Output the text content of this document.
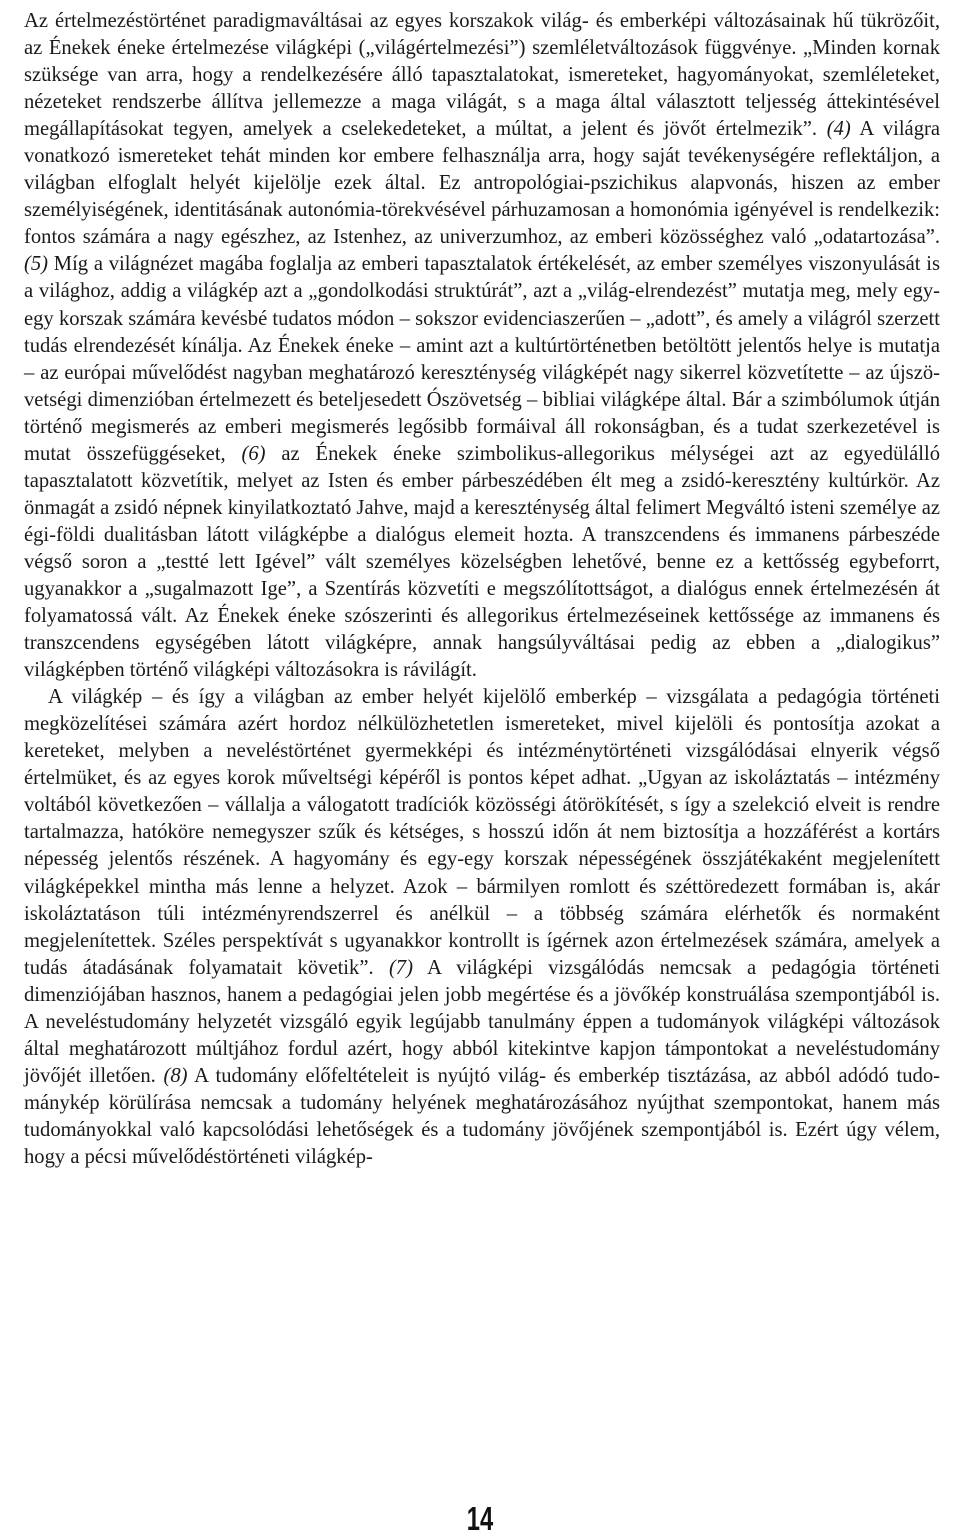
Az értelmezéstörténet paradigmaváltásai az egyes korszakok világ- és emberképi változásainak hű tükrözőit, az Énekek éneke értelmezése világképi („világértelmezési”) szemléletváltozások függvénye. „Minden kornak szüksége van arra, hogy a rendelkezésére álló tapasztalatokat, ismereteket, hagyományokat, szemléleteket, nézeteket rendszerbe állítva jellemezze a maga világát, s a maga által választott teljesség áttekintésével megállapításokat tegyen, amelyek a cselekedeteket, a múltat, a jelent és jövőt értelmezik”. (4) A világra vonatkozó ismereteket tehát minden kor embere felhasználja arra, hogy saját tevékenységére reflektáljon, a világban elfoglalt helyét kijelölje ezek által. Ez antropológiai-pszichikus alapvonás, hiszen az ember személyiségének, identitásának autonómia-törekvésével párhuzamosan a homonómia igényével is rendelkezik: fontos számára a nagy egészhez, az Istenhez, az univerzumhoz, az emberi közösséghez való „odatartozása”. (5) Míg a világnézet magába foglalja az emberi tapasztalatok értékelését, az ember személyes viszonyulását is a világhoz, addig a világkép azt a „gondolkodási struktúrát”, azt a „világ-elrendezést” mutatja meg, mely egy-egy korszak számára kevésbé tudatos módon – sokszor evidenciaszerűen – „adott”, és amely a világról szerzett tudás elrendezését kínálja. Az Énekek éneke – amint azt a kultúrtörténetben betöltött jelentős helye is mutatja – az európai művelődést nagyban meghatározó kereszténység világképét nagy sikerrel közvetítette – az újszövetségi dimenzióban értelmezett és beteljesedett Ószövetség – bibliai világképe által. Bár a szimbólumok útján történő megismerés az emberi megismerés legősibb formáival áll rokonságban, és a tudat szerkezetével is mutat összefüggéseket, (6) az Énekek éneke szimbolikus-allegorikus mélységei azt az egyedülálló tapasztalatott közvetítik, melyet az Isten és ember párbeszédében élt meg a zsidó-keresztény kultúrkör. Az önmagát a zsidó népnek kinyilatkoztató Jahve, majd a kereszténység által felimert Megváltó isteni személye az égi-földi dualitásban látott világképbe a dialógus elemeit hozta. A transzcendens és immanens párbeszéde végső soron a „testté lett Igével” vált személyes közelségben lehetővé, benne ez a kettősség egybeforrt, ugyanakkor a „sugalmazott Ige”, a Szentírás közvetíti e megszólítottságot, a dialógus ennek értelmezésén át folyamatossá vált. Az Énekek éneke szószerinti és allegorikus értelmezéseinek kettőssége az immanens és transzcendens egységében látott világképre, annak hangsúlyváltásai pedig az ebben a „dialogikus” világképben történő világképi változásokra is rávilágít.

A világkép – és így a világban az ember helyét kijelölő emberkép – vizsgálata a pedagógia történeti megközelítései számára azért hordoz nélkülözhetetlen ismereteket, mivel kijelöli és pontosítja azokat a kereteket, melyben a neveléstörténet gyermekképi és intézménytörténeti vizsgálódásai elnyerik végső értelmüket, és az egyes korok műveltségi képéről is pontos képet adhat. „Ugyan az iskoláztatás – intézmény voltából következően – vállalja a válogatott tradíciók közösségi átörökítését, s így a szelekció elveit is rendre tartalmazza, hatóköre nemegyszer szűk és kétséges, s hosszú időn át nem biztosítja a hozzáférést a kortárs népesség jelentős részének. A hagyomány és egy-egy korszak népességének összjátékaként megjelenített világképekkel mintha más lenne a helyzet. Azok – bármilyen romlott és széttöredezett formában is, akár iskoláztatáson túli intézményrendszerrel és anélkül – a többség számára elérhetők és normaként megjelenítettek. Széles perspektívát s ugyanakkor kontrollt is ígérnek azon értelmezések számára, amelyek a tudás átadásának folyamatait követik”. (7) A világképi vizsgálódás nemcsak a pedagógia történeti dimenziójában hasznos, hanem a pedagógiai jelen jobb megértése és a jövőkép konstruálása szempontjából is. A neveléstudomány helyzetét vizsgáló egyik legújabb tanulmány éppen a tudományok világképi változások által meghatározott múltjához fordul azért, hogy abból kitekintve kapjon támpontokat a neveléstudomány jövőjét illetően. (8) A tudomány előfeltételeit is nyújtó világ- és emberkép tisztázása, az abból adódó tudománykép körülírása nemcsak a tudomány helyének meghatározásához nyújthat szempontokat, hanem más tudományokkal való kapcsolódási lehetőségek és a tudomány jövőjének szempontjából is. Ezért úgy vélem, hogy a pécsi művelődéstörténeti világkép-

14
